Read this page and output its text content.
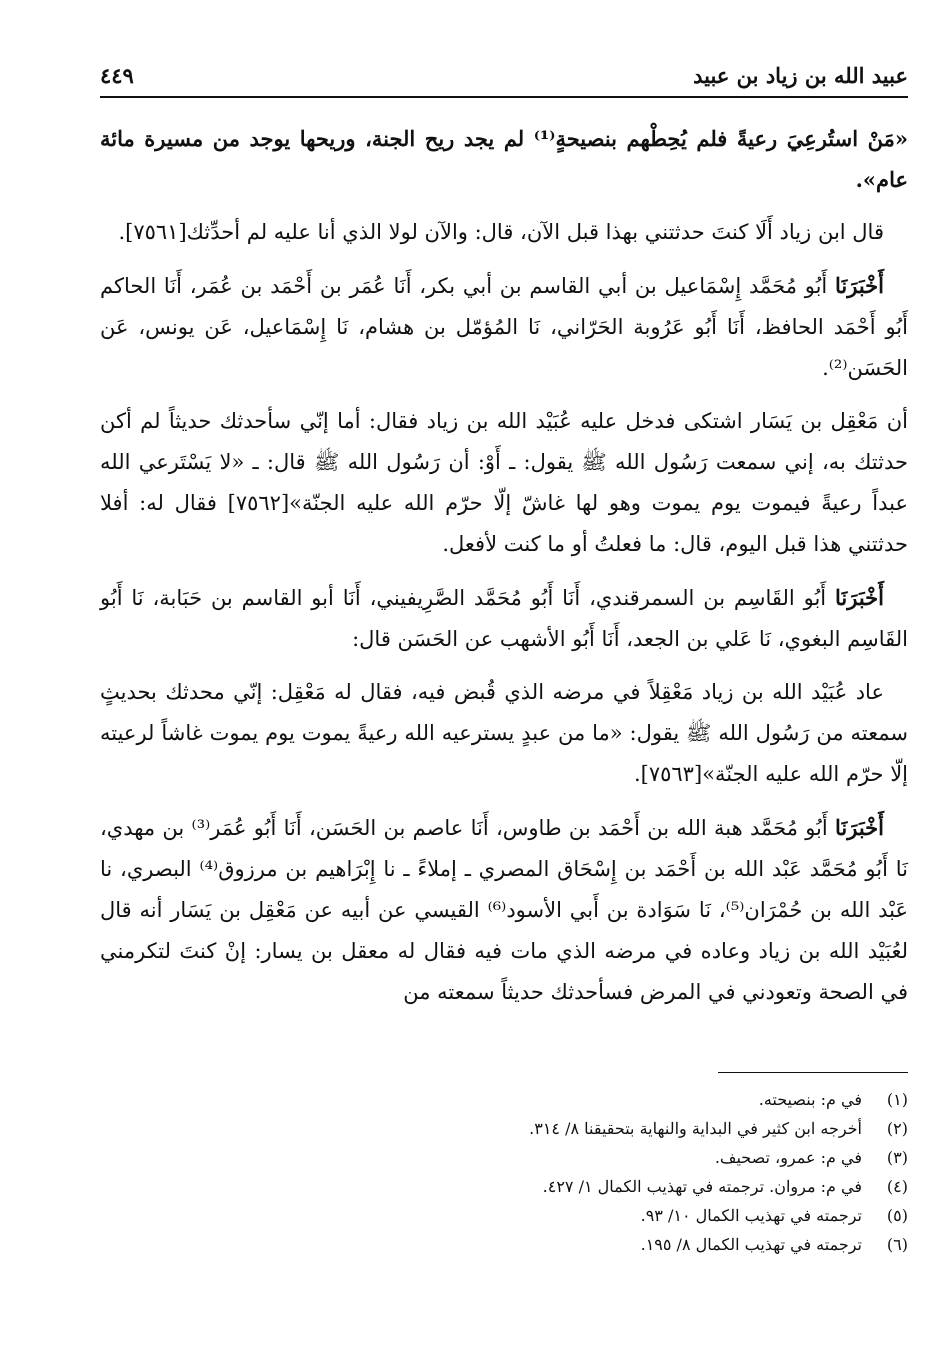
عبيد الله بن زياد بن عبيد
٤٤٩

«مَنْ استُرعِيَ رعيةً فلم يُحِطْهم بنصيحةٍ⁽¹⁾ لم يجد ريح الجنة، وريحها يوجد من مسيرة مائة عام».

قال ابن زياد أَلَا كنتَ حدثتني بهذا قبل الآن، قال: والآن لولا الذي أنا عليه لم أحدِّثك[٧٥٦١].

أَخْبَرَنَا أَبُو مُحَمَّد إِسْمَاعيل بن أبي القاسم بن أبي بكر، أَنَا عُمَر بن أَحْمَد بن عُمَر، أَنَا الحاكم أَبُو أَحْمَد الحافظ، أَنَا أَبُو عَرُوبة الحَرّاني، نَا المُؤمّل بن هشام، نَا إِسْمَاعيل، عَن يونس، عَن الحَسَن⁽²⁾.

أن مَعْقِل بن يَسَار اشتكى فدخل عليه عُبَيْد الله بن زياد فقال: أما إنّي سأحدثك حديثاً لم أكن حدثتك به، إني سمعت رَسُول الله ﷺ يقول: ـ أَوْ: أن رَسُول الله ﷺ قال: ـ «لا يَسْتَرعي الله عبداً رعيةً فيموت يوم يموت وهو لها غاشّ إلّا حرّم الله عليه الجنّة»[٧٥٦٢] فقال له: أفلا حدثتني هذا قبل اليوم، قال: ما فعلتُ أو ما كنت لأفعل.

أَخْبَرَنَا أَبُو القَاسِم بن السمرقندي، أَنَا أَبُو مُحَمَّد الصَّرِيفيني، أَنَا أبو القاسم بن حَبَابة، نَا أَبُو القَاسِم البغوي، نَا عَلي بن الجعد، أَنَا أَبُو الأشهب عن الحَسَن قال:

عاد عُبَيْد الله بن زياد مَعْقِلاً في مرضه الذي قُبض فيه، فقال له مَعْقِل: إنّي محدثك بحديثٍ سمعته من رَسُول الله ﷺ يقول: «ما من عبدٍ يسترعيه الله رعيةً يموت يوم يموت غاشاً لرعيته إلّا حرّم الله عليه الجنّة»[٧٥٦٣].

أَخْبَرَنَا أَبُو مُحَمَّد هبة الله بن أَحْمَد بن طاوس، أَنَا عاصم بن الحَسَن، أَنَا أَبُو عُمَر⁽³⁾ بن مهدي، نَا أَبُو مُحَمَّد عَبْد الله بن أَحْمَد بن إِسْحَاق المصري ـ إملاءً ـ نا إِبْرَاهيم بن مرزوق⁽⁴⁾ البصري، نا عَبْد الله بن حُمْرَان⁽⁵⁾، نَا سَوَادة بن أَبي الأسود⁽⁶⁾ القيسي عن أبيه عن مَعْقِل بن يَسَار أنه قال لعُبَيْد الله بن زياد وعاده في مرضه الذي مات فيه فقال له معقل بن يسار: إنْ كنتَ لتكرمني في الصحة وتعودني في المرض فسأحدثك حديثاً سمعته من

(١)
في م: بنصيحته.
(٢)
أخرجه ابن كثير في البداية والنهاية بتحقيقنا ٨/ ٣١٤.
(٣)
في م: عمرو، تصحيف.
(٤)
في م: مروان. ترجمته في تهذيب الكمال ١/ ٤٢٧.
(٥)
ترجمته في تهذيب الكمال ١٠/ ٩٣.
(٦)
ترجمته في تهذيب الكمال ٨/ ١٩٥.
